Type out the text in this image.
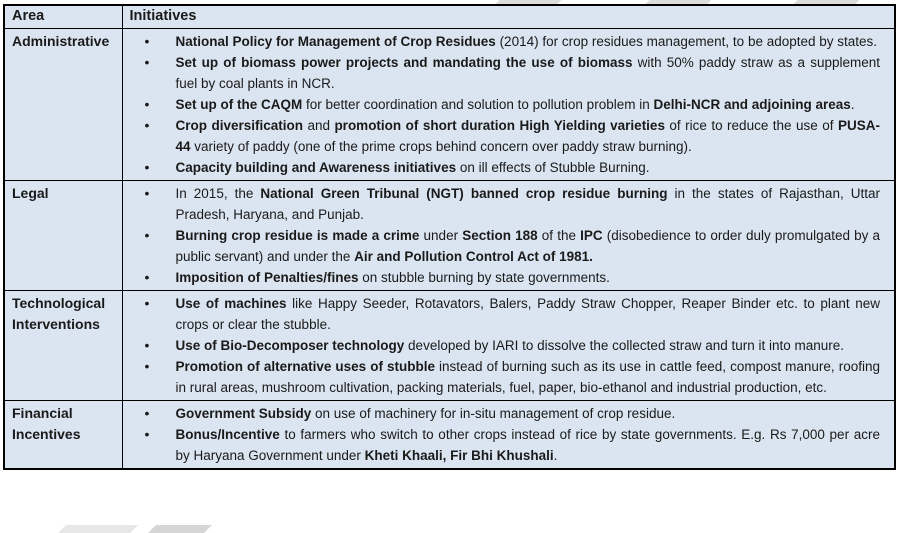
Area	Initiatives
Administrative	•	National Policy for Management of Crop Residues (2014) for crop residues management, to be adopted by states.

•	Set up of biomass power projects and mandating the use of biomass with 50% paddy straw as a supplement fuel by coal plants in NCR.

•	Set up of the CAQM for better coordination and solution to pollution problem in Delhi-NCR and adjoining areas.

•	Crop diversification and promotion of short duration High Yielding varieties of rice to reduce the use of PUSA-44 variety of paddy (one of the prime crops behind concern over paddy straw burning).

•	Capacity building and Awareness initiatives on ill effects of Stubble Burning.

Legal	•	In 2015, the National Green Tribunal (NGT) banned crop residue burning in the states of Rajasthan, Uttar Pradesh, Haryana, and Punjab.

•	Burning crop residue is made a crime under Section 188 of the IPC (disobedience to order duly promulgated by a public servant) and under the Air and Pollution Control Act of 1981.

•	Imposition of Penalties/fines on stubble burning by state governments.

Technological Interventions	
•	Use of machines like Happy Seeder, Rotavators, Balers, Paddy Straw Chopper, Reaper Binder etc. to plant new crops or clear the stubble.

•	Use of Bio-Decomposer technology developed by IARI to dissolve the collected straw and turn it into manure.

•	Promotion of alternative uses of stubble instead of burning such as its use in cattle feed, compost manure, roofing in rural areas, mushroom cultivation, packing materials, fuel, paper, bio-ethanol and industrial production, etc.

Financial Incentives	• Government Subsidy on use of machinery for in-situ management of crop residue.

• Bonus/Incentive to farmers who switch to other crops instead of rice by state governments. E.g. Rs 7,000 per acre by Haryana Government under Kheti Khaali, Fir Bhi Khushali.
